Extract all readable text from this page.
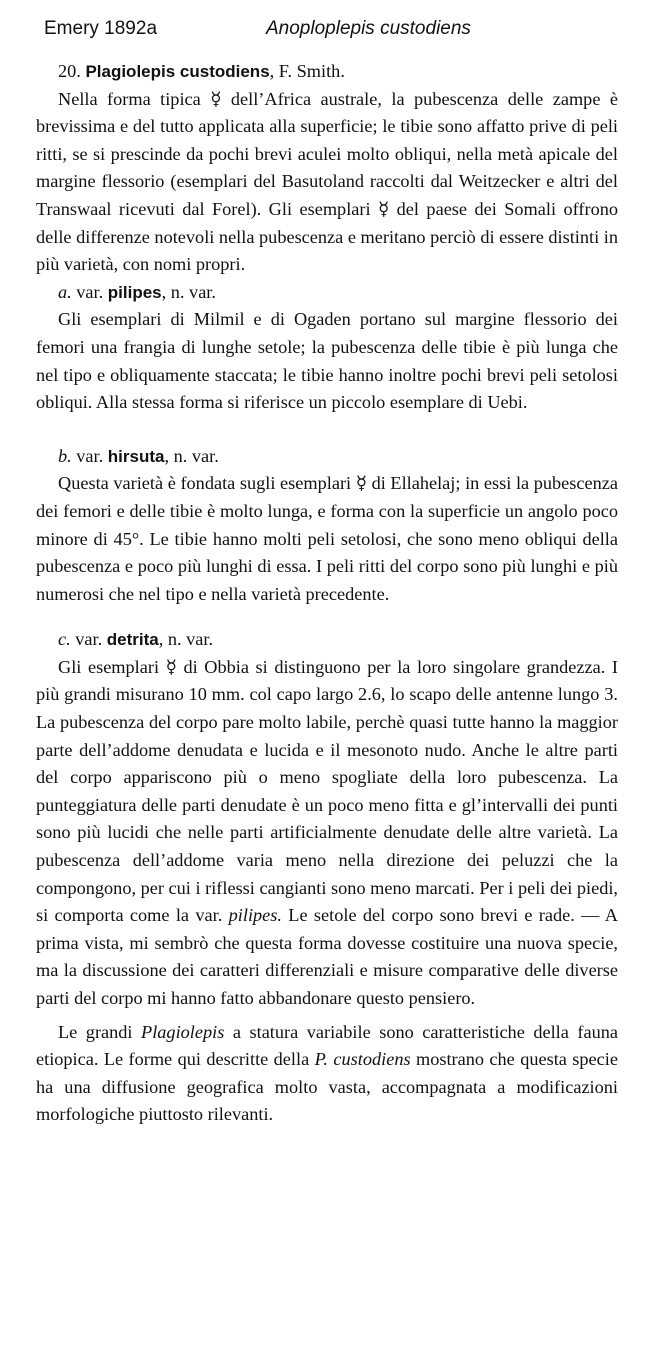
Emery 1892a	Anoploplepis custodiens

20. Plagiolepis custodiens, F. Smith.

Nella forma tipica ☿ dell’Africa australe, la pubescenza delle zampe è brevissima e del tutto applicata alla superficie; le tibie sono affatto prive di peli ritti, se si prescinde da pochi brevi aculei molto obliqui, nella metà apicale del margine flessorio (esemplari del Basutoland raccolti dal Weitzecker e altri del Transwaal ricevuti dal Forel). Gli esemplari ☿ del paese dei Somali offrono delle differenze notevoli nella pubescenza e meritano perciò di essere distinti in più varietà, con nomi propri.

a. var. pilipes, n. var.

Gli esemplari di Milmil e di Ogaden portano sul margine flessorio dei femori una frangia di lunghe setole; la pubescenza delle tibie è più lunga che nel tipo e obliquamente staccata; le tibie hanno inoltre pochi brevi peli setolosi obliqui. Alla stessa forma si riferisce un piccolo esemplare di Uebi.

b. var. hirsuta, n. var.

Questa varietà è fondata sugli esemplari ☿ di Ellahelaj; in essi la pubescenza dei femori e delle tibie è molto lunga, e forma con la superficie un angolo poco minore di 45°. Le tibie hanno molti peli setolosi, che sono meno obliqui della pubescenza e poco più lunghi di essa. I peli ritti del corpo sono più lunghi e più numerosi che nel tipo e nella varietà precedente.

c. var. detrita, n. var.

Gli esemplari ☿ di Obbia si distinguono per la loro singolare grandezza. I più grandi misurano 10 mm. col capo largo 2.6, lo scapo delle antenne lungo 3. La pubescenza del corpo pare molto labile, perchè quasi tutte hanno la maggior parte dell’addome denudata e lucida e il mesonoto nudo. Anche le altre parti del corpo appariscono più o meno spogliate della loro pubescenza. La punteggiatura delle parti denudate è un poco meno fitta e gl’intervalli dei punti sono più lucidi che nelle parti artificialmente denudate delle altre varietà. La pubescenza dell’addome varia meno nella direzione dei peluzzi che la compongono, per cui i riflessi cangianti sono meno marcati. Per i peli dei piedi, si comporta come la var. pilipes. Le setole del corpo sono brevi e rade. — A prima vista, mi sembrò che questa forma dovesse costituire una nuova specie, ma la discussione dei caratteri differenziali e misure comparative delle diverse parti del corpo mi hanno fatto abbandonare questo pensiero.

Le grandi Plagiolepis a statura variabile sono caratteristiche della fauna etiopica. Le forme qui descritte della P. custodiens mostrano che questa specie ha una diffusione geografica molto vasta, accompagnata a modificazioni morfologiche piuttosto rilevanti.
